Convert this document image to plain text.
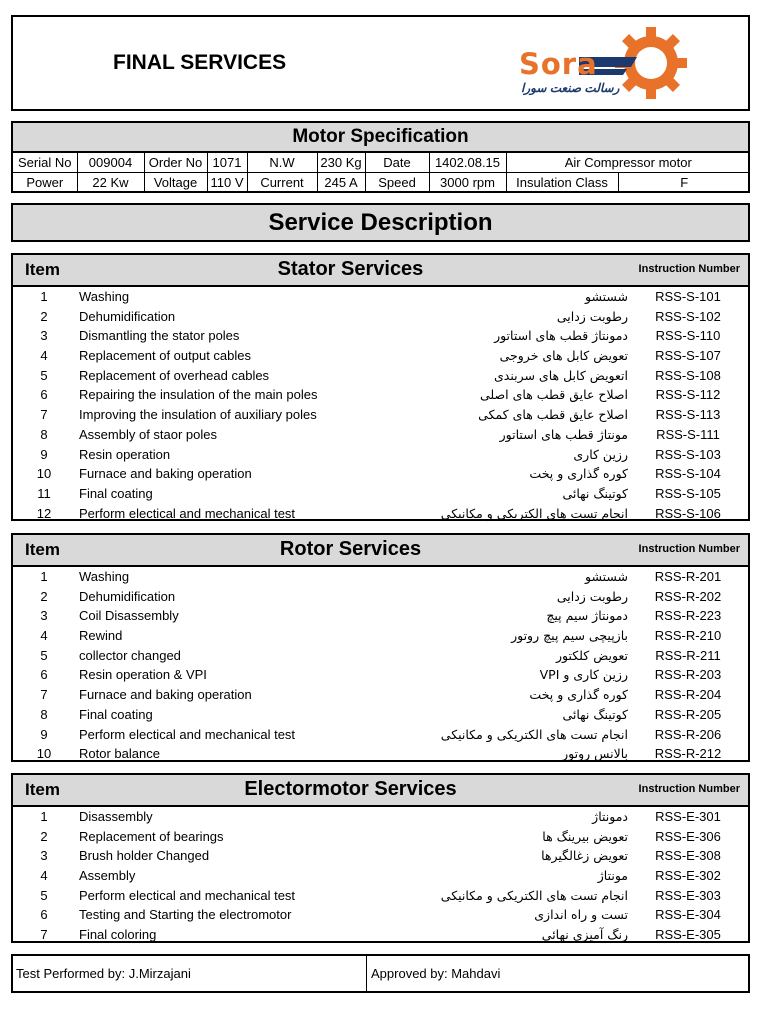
FINAL SERVICES	Sora
رسالت صنعت سورا
Motor Specification
Serial No	009004	Order No	1071	N.W	230 Kg	Date	1402.08.15	Air Compressor motor	
Power	22 Kw	Voltage	110 V	Current	245 A	Speed	3000 rpm	Insulation Class	F
Service Description
Item	Stator Services	Instruction Number
1	Washing	شستشو	RSS-S-101
2	Dehumidification	رطوبت زدایی	RSS-S-102
3	Dismantling the stator poles	دمونتاژ قطب های استاتور	RSS-S-110
4	Replacement of output cables	تعویض کابل های خروجی	RSS-S-107
5	Replacement of overhead cables	اتعویض کابل های سربندی	RSS-S-108
6	Repairing the insulation of the main poles	اصلاح عایق قطب های اصلی	RSS-S-112
7	Improving the insulation of auxiliary poles	اصلاح عایق قطب های کمکی	RSS-S-113
8	Assembly of staor poles	مونتاژ قطب های استاتور	RSS-S-111
9	Resin operation	رزین کاری	RSS-S-103
10	Furnace and baking operation	کوره گذاری و پخت	RSS-S-104
11	Final coating	کوتینگ نهائی	RSS-S-105
12	Perform electical and mechanical test	انجام تست های الکتریکی و مکانیکی	RSS-S-106
Item	Rotor Services	Instruction Number
1	Washing	شستشو	RSS-R-201
2	Dehumidification	رطوبت زدایی	RSS-R-202
3	Coil Disassembly	دمونتاژ سیم پیچ	RSS-R-223
4	Rewind	بازپیچی سیم پیچ روتور	RSS-R-210
5	collector changed	تعویض کلکتور	RSS-R-211
6	Resin operation & VPI	رزین کاری و VPI	RSS-R-203
7	Furnace and baking operation	کوره گذاری و پخت	RSS-R-204
8	Final coating	کوتینگ نهائی	RSS-R-205
9	Perform electical and mechanical test	انجام تست های الکتریکی و مکانیکی	RSS-R-206
10	Rotor balance	بالانس روتور	RSS-R-212
Item	Electormotor Services	Instruction Number
1	Disassembly	دمونتاژ	RSS-E-301
2	Replacement of bearings	تعویض بیرینگ ها	RSS-E-306
3	Brush holder Changed	تعویض زغالگیرها	RSS-E-308
4	Assembly	مونتاژ	RSS-E-302
5	Perform electical and mechanical test	انجام تست های الکتریکی و مکانیکی	RSS-E-303
6	Testing and Starting the electromotor	تست و راه اندازی	RSS-E-304
7	Final coloring	رنگ آمیزی نهائی	RSS-E-305
Test Performed by: J.Mirzajani	Approved by: Mahdavi
